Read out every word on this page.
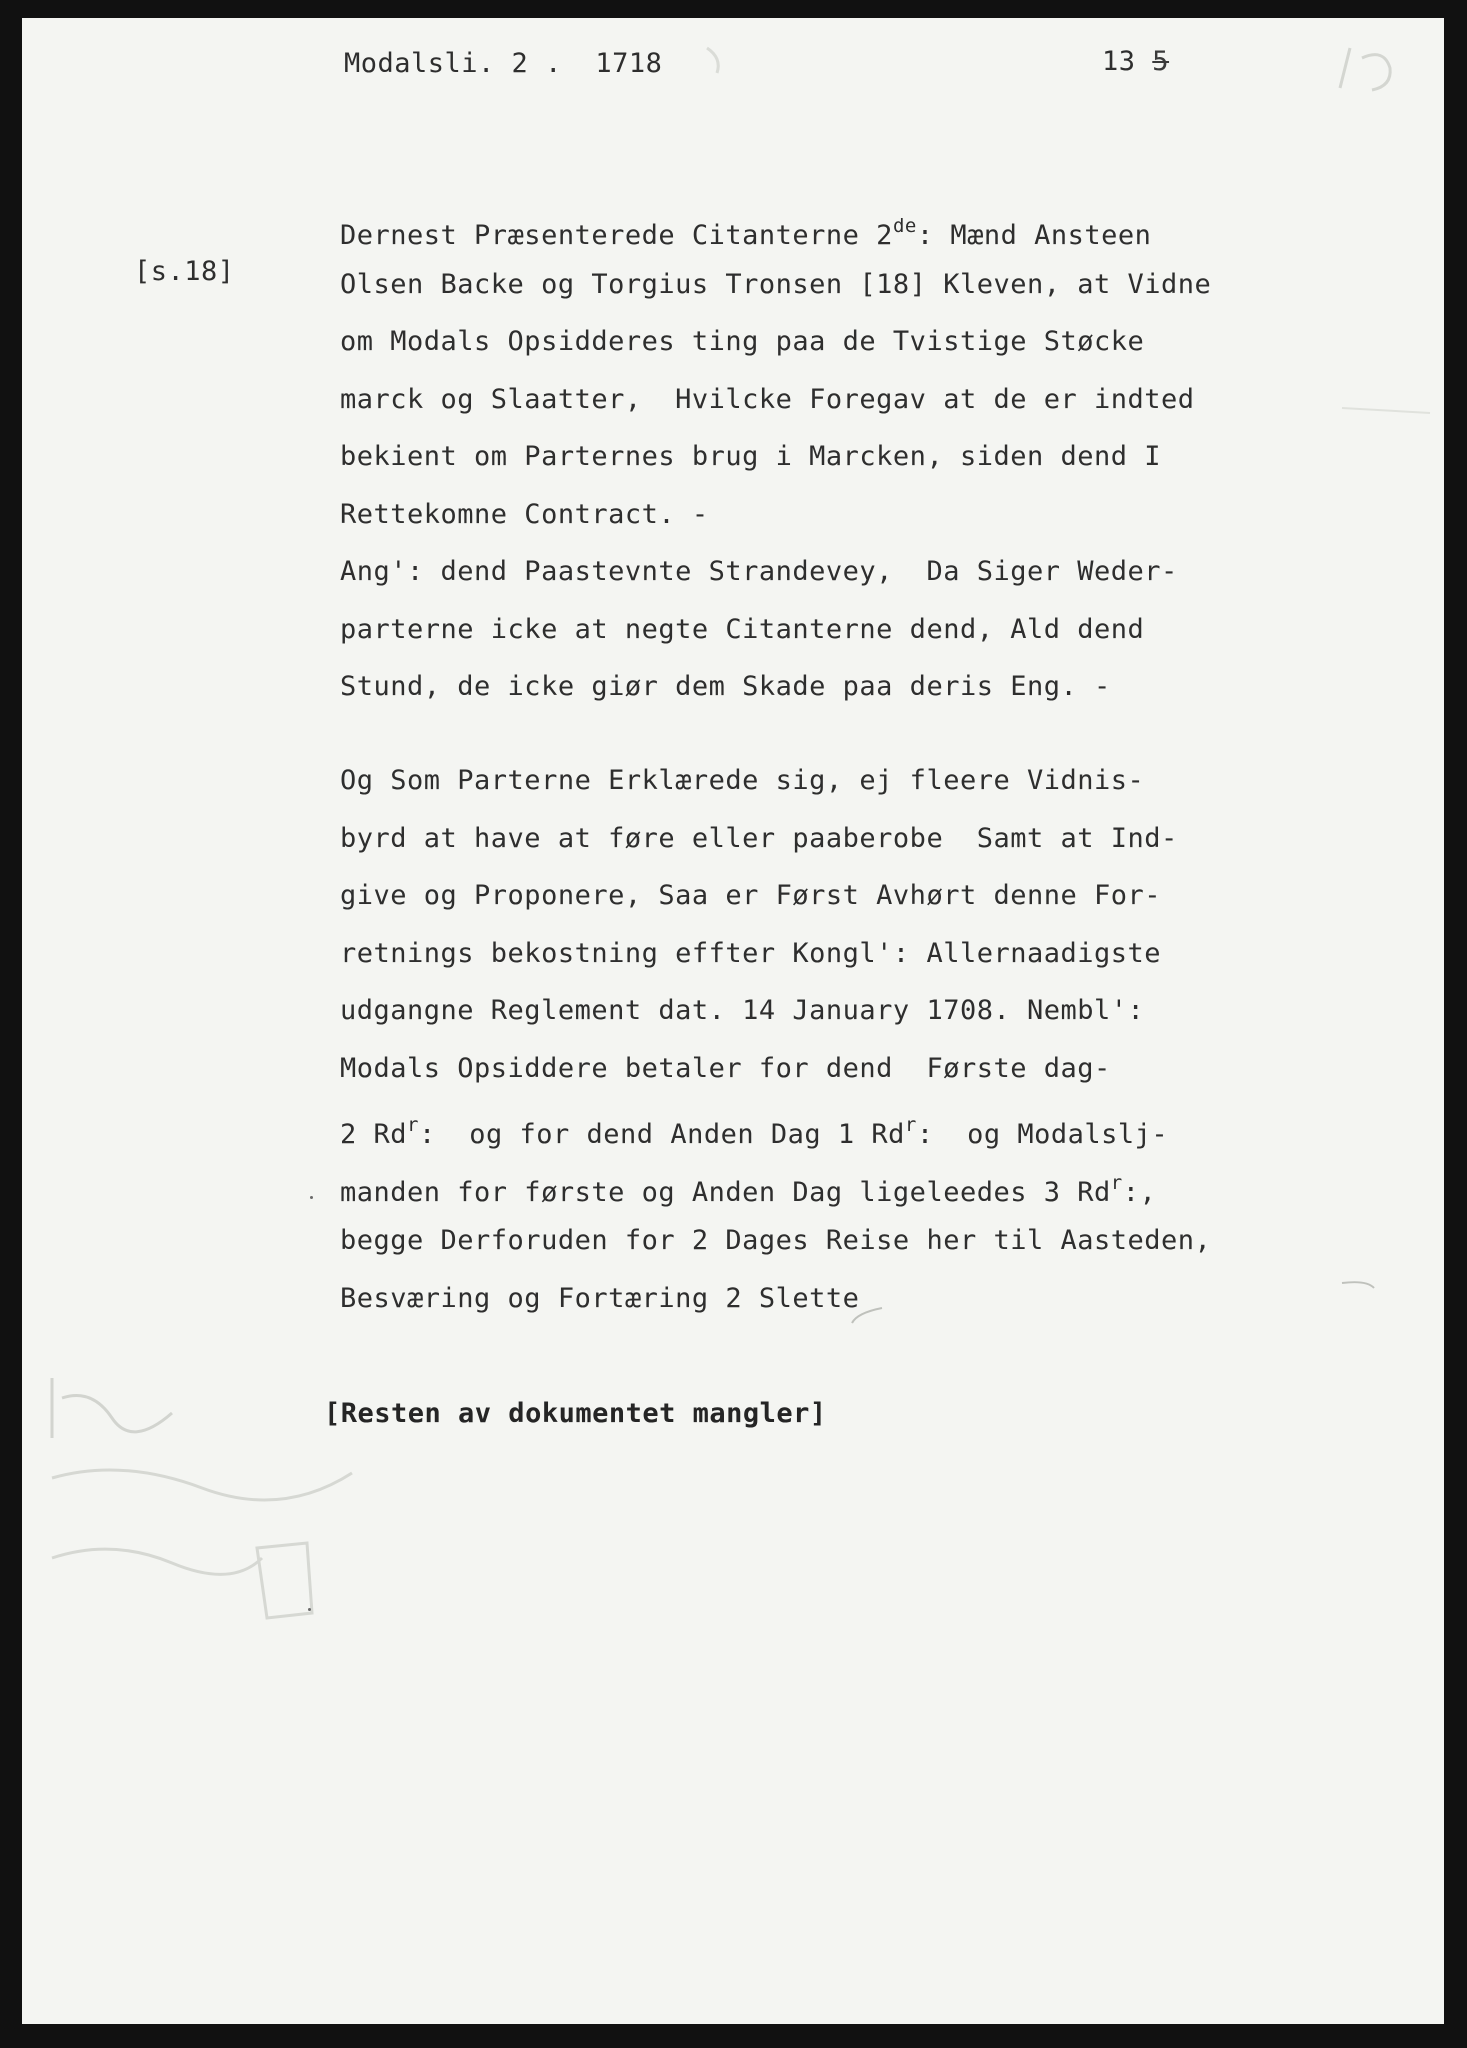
Modalsli. 2 .  1718	13 5
[s.18]
Dernest Præsenterede Citanterne 2de: Mænd Ansteen
Olsen Backe og Torgius Tronsen [18] Kleven, at Vidne
om Modals Opsidderes ting paa de Tvistige Støcke
marck og Slaatter,  Hvilcke Foregav at de er indted
bekient om Parternes brug i Marcken, siden dend I
Rettekomne Contract. -
Ang': dend Paastevnte Strandevey,  Da Siger Weder-
parterne icke at negte Citanterne dend, Ald dend
Stund, de icke giør dem Skade paa deris Eng. -
Og Som Parterne Erklærede sig, ej fleere Vidnis-
byrd at have at føre eller paaberobe  Samt at Ind-
give og Proponere, Saa er Først Avhørt denne For-
retnings bekostning effter Kongl': Allernaadigste
udgangne Reglement dat. 14 January 1708. Nembl':
Modals Opsiddere betaler for dend  Første dag-
2 Rd$^r$:  og for dend Anden Dag 1 Rd$^r$:  og Modalslj-
manden for første og Anden Dag ligeleedes 3 Rd$^r$:,
begge Derforuden for 2 Dages Reise her til Aasteden,
Besværing og Fortæring 2 Slette
[Resten av dokumentet mangler]
